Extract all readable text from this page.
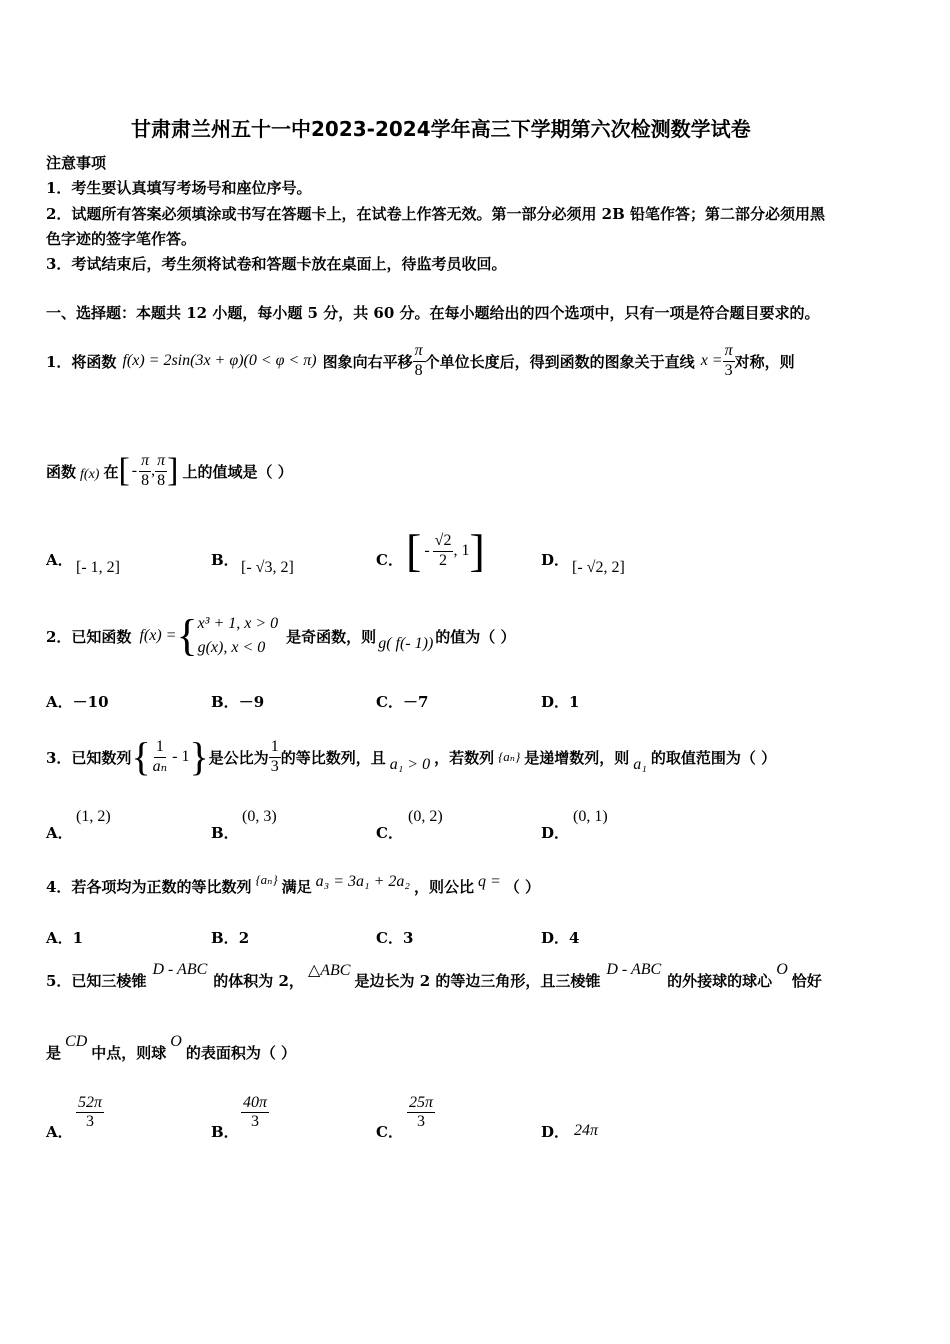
甘肃肃兰州五十一中2023-2024学年高三下学期第六次检测数学试卷
注意事项
1．考生要认真填写考场号和座位序号。
2．试题所有答案必须填涂或书写在答题卡上，在试卷上作答无效。第一部分必须用 2B 铅笔作答；第二部分必须用黑
色字迹的签字笔作答。
3．考试结束后，考生须将试卷和答题卡放在桌面上，待监考员收回。
一、选择题：本题共 12 小题，每小题 5 分，共 60 分。在每小题给出的四个选项中，只有一项是符合题目要求的。
1．将函数 f(x) = 2sin(3x + φ)(0 < φ < π) 图象向右平移 $\frac{\pi}{8}$ 个单位长度后，得到函数的图象关于直线 $x = \frac{\pi}{3}$ 对称，则
函数 f(x) 在 [ - $\frac{\pi}{8}$ , $\frac{\pi}{8}$ ] 上的值域是（ ）
A． [- 1, 2]	B． [- √3, 2]	C． [ - $\frac{√2}{2}$ , 1 ]	D． [- √2, 2]
2．已知函数 f(x) = { x³ + 1, x > 0
g(x), x < 0
是奇函数，则 g( f(- 1)) 的值为（ ）
A．－10	B．－9	C．－7	D．1
3．已知数列 { $\frac{1}{\text{aₙ}} - 1$ } 是公比为 $\frac{1}{3}$ 的等比数列，且 a₁ > 0 ，若数列 {aₙ} 是递增数列，则 a₁ 的取值范围为（ ）
A．
(1, 2)
B．
(0, 3)
C．
(0, 2)
D．
(0, 1)
4．若各项均为正数的等比数列 {aₙ} 满足 a₃ = 3a₁ + 2a₂ ，则公比 q = （ ）
A．1	B．2	C．3	D．4
5．已知三棱锥
D - ABC
的体积为 2，
△ABC
是边长为 2 的等边三角形，且三棱锥
D - ABC
的外接球的球心
O
恰好
是
CD
中点，则球
O
的表面积为（ ）
A．
$\frac{52\pi}{3}$
B．
$\frac{40\pi}{3}$
C．
$\frac{25\pi}{3}$
D． 24π
